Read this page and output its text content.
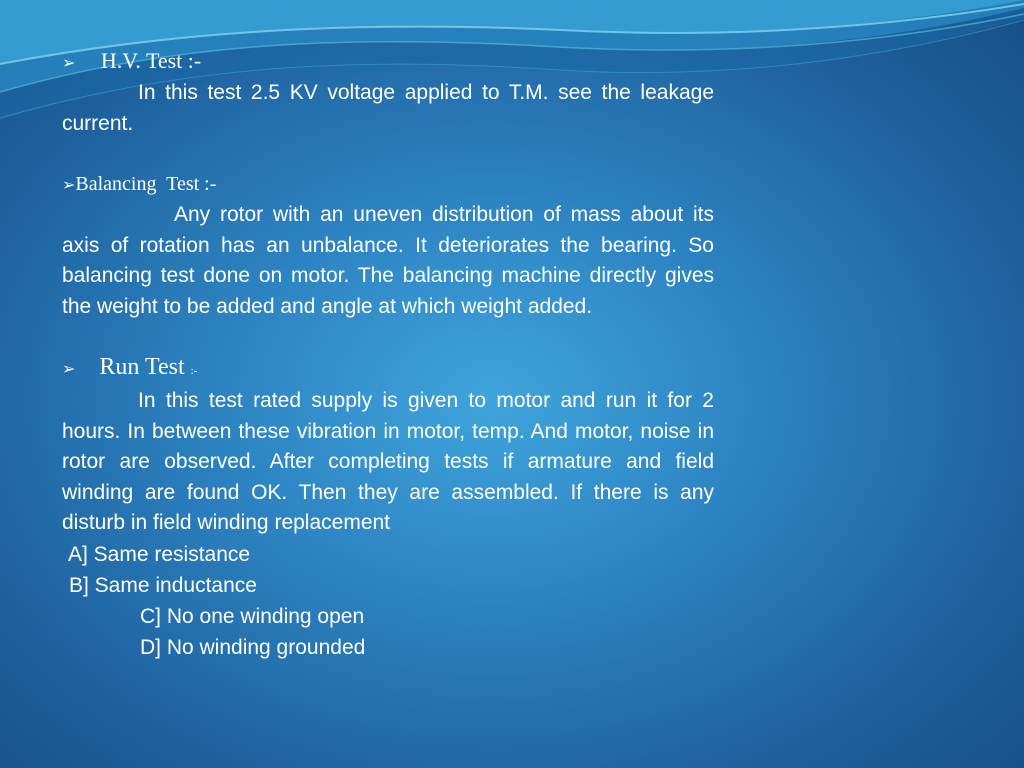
➢ H.V. Test :-

In this test 2.5 KV voltage applied to T.M. see the leakage current.

➢Balancing  Test :-

Any rotor with an uneven distribution of mass about its axis of rotation has an unbalance. It deteriorates the bearing. So balancing test done on motor. The balancing machine directly gives the weight to be added and angle at which weight added.

➢ Run Test :-

In this test rated supply is given to motor and run it for 2 hours. In between these vibration in motor, temp. And motor, noise in rotor are observed. After completing tests if armature and field winding are found OK. Then they are assembled. If there is any disturb in field winding replacement

A] Same resistance

B] Same inductance

C] No one winding open

D] No winding grounded
